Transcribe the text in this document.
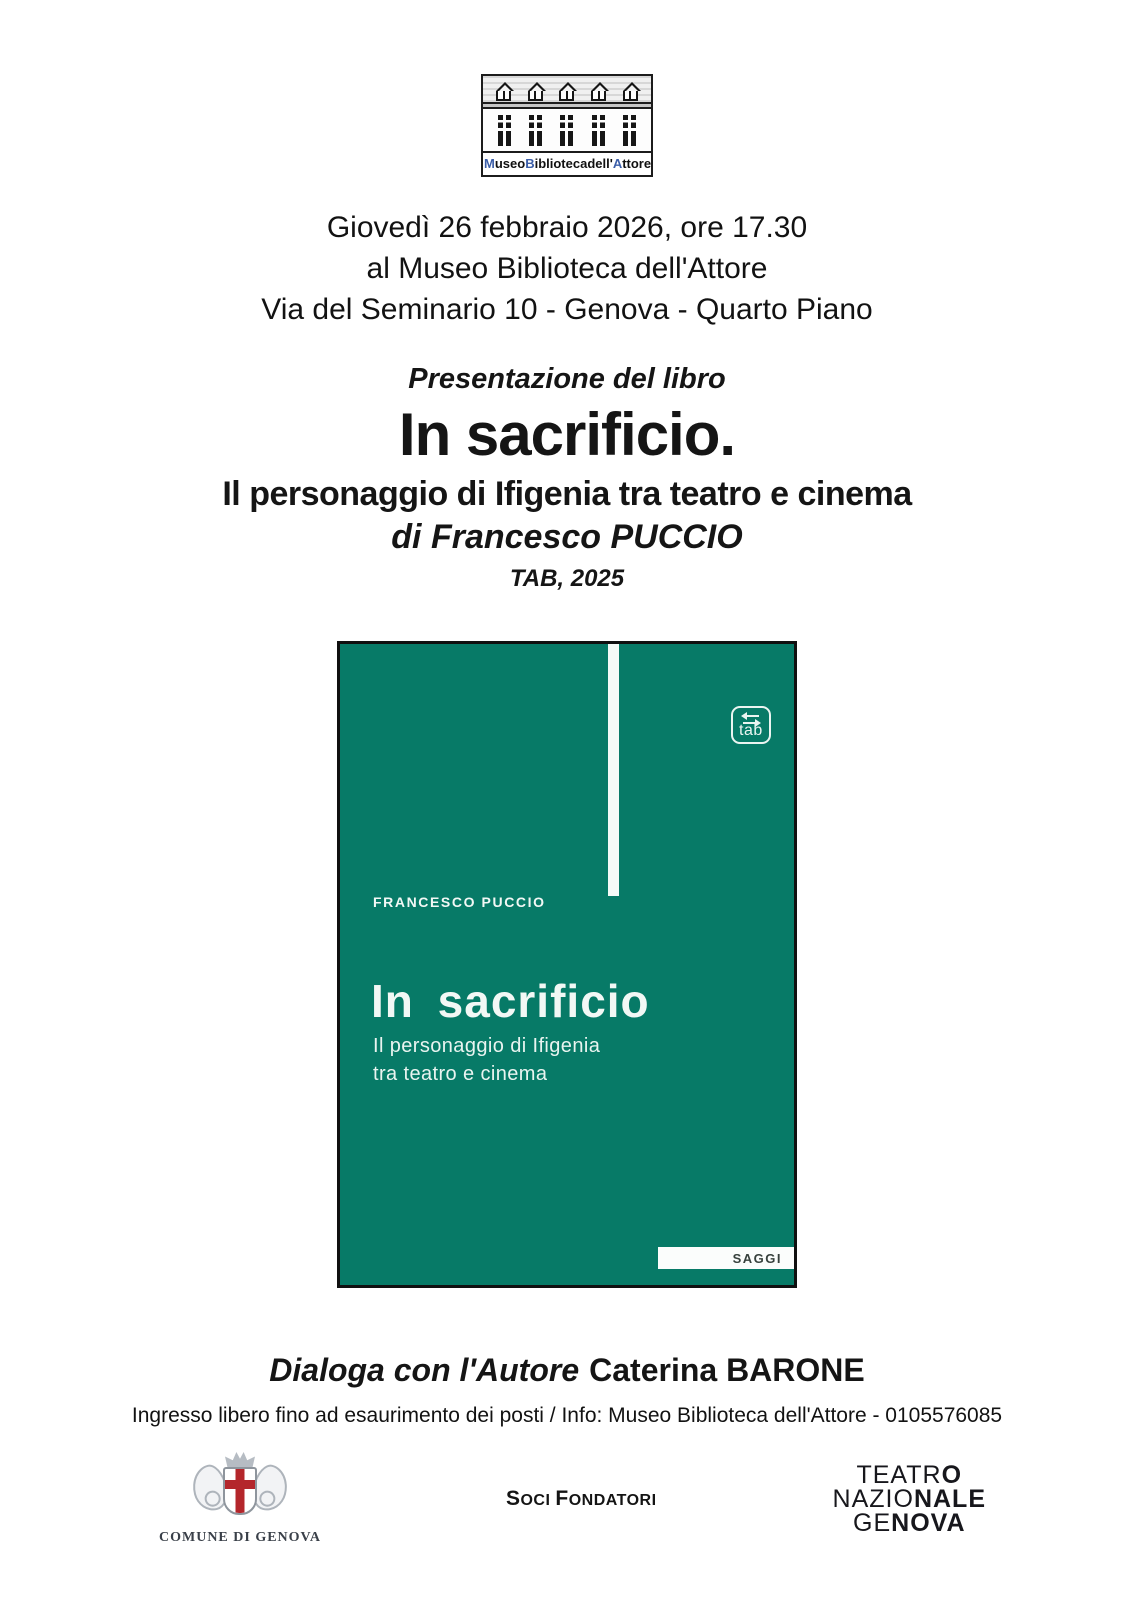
MuseoBibliotecadell'Attore
Giovedì 26 febbraio 2026, ore 17.30
al Museo Biblioteca dell'Attore
Via del Seminario 10 - Genova - Quarto Piano
Presentazione del libro
In sacrificio.
Il personaggio di Ifigenia tra teatro e cinema
di Francesco PUCCIO
TAB, 2025
tab
FRANCESCO PUCCIO
In sacrificio
Il personaggio di Ifigenia
tra teatro e cinema
SAGGI
Dialoga con l'Autore Caterina BARONE
Ingresso libero fino ad esaurimento dei posti / Info: Museo Biblioteca dell'Attore - 0105576085
COMUNE DI GENOVA
SOCI FONDATORI
TEATRO
NAZIONALE
GENOVA
